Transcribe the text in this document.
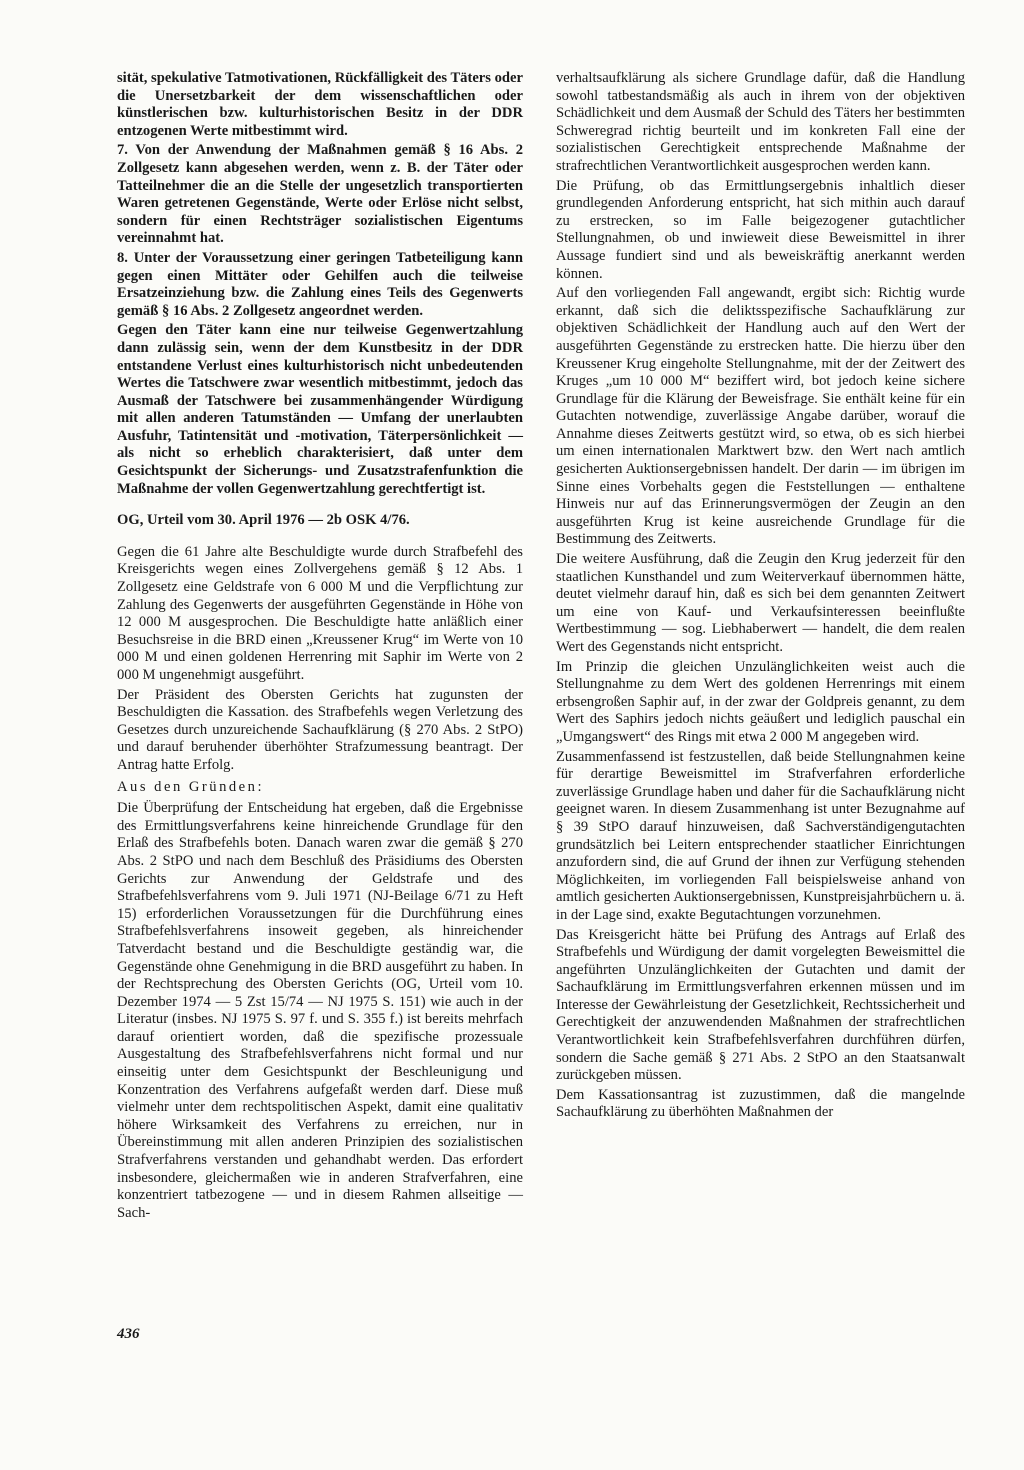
sität, spekulative Tatmotivationen, Rückfälligkeit des Täters oder die Unersetzbarkeit der dem wissenschaftlichen oder künstlerischen bzw. kulturhistorischen Besitz in der DDR entzogenen Werte mitbestimmt wird.

7. Von der Anwendung der Maßnahmen gemäß § 16 Abs. 2 Zollgesetz kann abgesehen werden, wenn z. B. der Täter oder Tatteilnehmer die an die Stelle der ungesetzlich transportierten Waren getretenen Gegenstände, Werte oder Erlöse nicht selbst, sondern für einen Rechtsträger sozialistischen Eigentums vereinnahmt hat.

8. Unter der Voraussetzung einer geringen Tatbeteiligung kann gegen einen Mittäter oder Gehilfen auch die teilweise Ersatzeinziehung bzw. die Zahlung eines Teils des Gegenwerts gemäß § 16 Abs. 2 Zollgesetz angeordnet werden.

Gegen den Täter kann eine nur teilweise Gegenwertzahlung dann zulässig sein, wenn der dem Kunstbesitz in der DDR entstandene Verlust eines kulturhistorisch nicht unbedeutenden Wertes die Tatschwere zwar wesentlich mitbestimmt, jedoch das Ausmaß der Tatschwere bei zusammenhängender Würdigung mit allen anderen Tatumständen — Umfang der unerlaubten Ausfuhr, Tatintensität und -motivation, Täterpersönlichkeit — als nicht so erheblich charakterisiert, daß unter dem Gesichtspunkt der Sicherungs- und Zusatzstrafenfunktion die Maßnahme der vollen Gegenwertzahlung gerechtfertigt ist.

OG, Urteil vom 30. April 1976 — 2b OSK 4/76.

Gegen die 61 Jahre alte Beschuldigte wurde durch Strafbefehl des Kreisgerichts wegen eines Zollvergehens gemäß § 12 Abs. 1 Zollgesetz eine Geldstrafe von 6 000 M und die Verpflichtung zur Zahlung des Gegenwerts der ausgeführten Gegenstände in Höhe von 12 000 M ausgesprochen. Die Beschuldigte hatte anläßlich einer Besuchsreise in die BRD einen „Kreussener Krug“ im Werte von 10 000 M und einen goldenen Herrenring mit Saphir im Werte von 2 000 M ungenehmigt ausgeführt.

Der Präsident des Obersten Gerichts hat zugunsten der Beschuldigten die Kassation. des Strafbefehls wegen Verletzung des Gesetzes durch unzureichende Sachaufklärung (§ 270 Abs. 2 StPO) und darauf beruhender überhöhter Strafzumessung beantragt. Der Antrag hatte Erfolg.

Aus den Gründen:

Die Überprüfung der Entscheidung hat ergeben, daß die Ergebnisse des Ermittlungsverfahrens keine hinreichende Grundlage für den Erlaß des Strafbefehls boten. Danach waren zwar die gemäß § 270 Abs. 2 StPO und nach dem Beschluß des Präsidiums des Obersten Gerichts zur Anwendung der Geldstrafe und des Strafbefehlsverfahrens vom 9. Juli 1971 (NJ-Beilage 6/71 zu Heft 15) erforderlichen Voraussetzungen für die Durchführung eines Strafbefehlsverfahrens insoweit gegeben, als hinreichender Tatverdacht bestand und die Beschuldigte geständig war, die Gegenstände ohne Genehmigung in die BRD ausgeführt zu haben. In der Rechtsprechung des Obersten Gerichts (OG, Urteil vom 10. Dezember 1974 — 5 Zst 15/74 — NJ 1975 S. 151) wie auch in der Literatur (insbes. NJ 1975 S. 97 f. und S. 355 f.) ist bereits mehrfach darauf orientiert worden, daß die spezifische prozessuale Ausgestaltung des Strafbefehlsverfahrens nicht formal und nur einseitig unter dem Gesichtspunkt der Beschleunigung und Konzentration des Verfahrens aufgefaßt werden darf. Diese muß vielmehr unter dem rechtspolitischen Aspekt, damit eine qualitativ höhere Wirksamkeit des Verfahrens zu erreichen, nur in Übereinstimmung mit allen anderen Prinzipien des sozialistischen Strafverfahrens verstanden und gehandhabt werden. Das erfordert insbesondere, gleichermaßen wie in anderen Strafverfahren, eine konzentriert tatbezogene — und in diesem Rahmen allseitige — Sach-

verhaltsaufklärung als sichere Grundlage dafür, daß die Handlung sowohl tatbestandsmäßig als auch in ihrem von der objektiven Schädlichkeit und dem Ausmaß der Schuld des Täters her bestimmten Schweregrad richtig beurteilt und im konkreten Fall eine der sozialistischen Gerechtigkeit entsprechende Maßnahme der strafrechtlichen Verantwortlichkeit ausgesprochen werden kann.

Die Prüfung, ob das Ermittlungsergebnis inhaltlich dieser grundlegenden Anforderung entspricht, hat sich mithin auch darauf zu erstrecken, so im Falle beigezogener gutachtlicher Stellungnahmen, ob und inwieweit diese Beweismittel in ihrer Aussage fundiert sind und als beweiskräftig anerkannt werden können.

Auf den vorliegenden Fall angewandt, ergibt sich: Richtig wurde erkannt, daß sich die deliktsspezifische Sachaufklärung zur objektiven Schädlichkeit der Handlung auch auf den Wert der ausgeführten Gegenstände zu erstrecken hatte. Die hierzu über den Kreussener Krug eingeholte Stellungnahme, mit der der Zeitwert des Kruges „um 10 000 M“ beziffert wird, bot jedoch keine sichere Grundlage für die Klärung der Beweisfrage. Sie enthält keine für ein Gutachten notwendige, zuverlässige Angabe darüber, worauf die Annahme dieses Zeitwerts gestützt wird, so etwa, ob es sich hierbei um einen internationalen Marktwert bzw. den Wert nach amtlich gesicherten Auktionsergebnissen handelt. Der darin — im übrigen im Sinne eines Vorbehalts gegen die Feststellungen — enthaltene Hinweis nur auf das Erinnerungsvermögen der Zeugin an den ausgeführten Krug ist keine ausreichende Grundlage für die Bestimmung des Zeitwerts.

Die weitere Ausführung, daß die Zeugin den Krug jederzeit für den staatlichen Kunsthandel und zum Weiterverkauf übernommen hätte, deutet vielmehr darauf hin, daß es sich bei dem genannten Zeitwert um eine von Kauf- und Verkaufsinteressen beeinflußte Wertbestimmung — sog. Liebhaberwert — handelt, die dem realen Wert des Gegenstands nicht entspricht.

Im Prinzip die gleichen Unzulänglichkeiten weist auch die Stellungnahme zu dem Wert des goldenen Herrenrings mit einem erbsengroßen Saphir auf, in der zwar der Goldpreis genannt, zu dem Wert des Saphirs jedoch nichts geäußert und lediglich pauschal ein „Umgangswert“ des Rings mit etwa 2 000 M angegeben wird.

Zusammenfassend ist festzustellen, daß beide Stellungnahmen keine für derartige Beweismittel im Strafverfahren erforderliche zuverlässige Grundlage haben und daher für die Sachaufklärung nicht geeignet waren. In diesem Zusammenhang ist unter Bezugnahme auf § 39 StPO darauf hinzuweisen, daß Sachverständigengutachten grundsätzlich bei Leitern entsprechender staatlicher Einrichtungen anzufordern sind, die auf Grund der ihnen zur Verfügung stehenden Möglichkeiten, im vorliegenden Fall beispielsweise anhand von amtlich gesicherten Auktionsergebnissen, Kunstpreisjahrbüchern u. ä. in der Lage sind, exakte Begutachtungen vorzunehmen.

Das Kreisgericht hätte bei Prüfung des Antrags auf Erlaß des Strafbefehls und Würdigung der damit vorgelegten Beweismittel die angeführten Unzulänglichkeiten der Gutachten und damit der Sachaufklärung im Ermittlungsverfahren erkennen müssen und im Interesse der Gewährleistung der Gesetzlichkeit, Rechtssicherheit und Gerechtigkeit der anzuwendenden Maßnahmen der strafrechtlichen Verantwortlichkeit kein Strafbefehlsverfahren durchführen dürfen, sondern die Sache gemäß § 271 Abs. 2 StPO an den Staatsanwalt zurückgeben müssen.

Dem Kassationsantrag ist zuzustimmen, daß die mangelnde Sachaufklärung zu überhöhten Maßnahmen der

436
